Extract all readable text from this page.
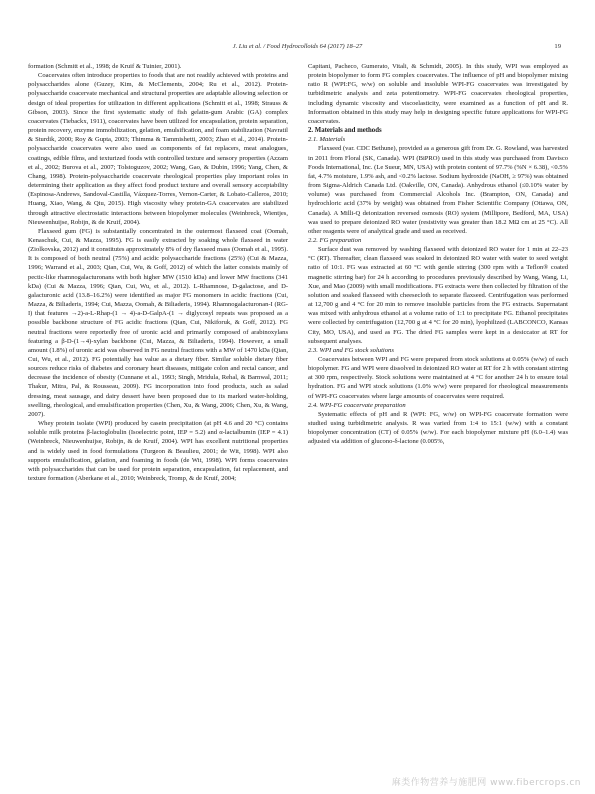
J. Liu et al. / Food Hydrocolloids 64 (2017) 18–27	19

formation (Schmitt et al., 1998; de Kruif & Tuinier, 2001).

Coacervates often introduce properties to foods that are not readily achieved with proteins and polysaccharides alone (Guzey, Kim, & McClements, 2004; Ru et al., 2012). Protein-polysaccharide coacervate mechanical and structural properties are adaptable allowing selection or design of ideal properties for utilization in different applications (Schmitt et al., 1998; Strauss & Gibson, 2003). Since the first systematic study of fish gelatin-gum Arabic (GA) complex coacervates (Tiebackx, 1911), coacervates have been utilized for encapsulation, protein separation, protein recovery, enzyme immobilization, gelation, emulsification, and foam stabilization (Navratil & Sturdik, 2000; Roy & Gupta, 2003; Thimma & Tammishetti, 2003; Zhao et al., 2014). Protein-polysaccharide coacervates were also used as components of fat replacers, meat analogues, coatings, edible films, and texturized foods with controlled texture and sensory properties (Azzam et al., 2002; Burova et al., 2007; Tolstoguzov, 2002; Wang, Gao, & Dubin, 1996; Yang, Chen, & Chang, 1998). Protein-polysaccharide coacervate rheological properties play important roles in determining their application as they affect food product texture and overall sensory acceptability (Espinosa-Andrews, Sandoval-Castilla, Vázquez-Torres, Vernon-Carter, & Lobato-Calleros, 2010; Huang, Xiao, Wang, & Qiu, 2015). High viscosity whey protein-GA coacervates are stabilized through attractive electrostatic interactions between biopolymer molecules (Weinbreck, Wientjes, Nieuwenhuijse, Robijn, & de Kruif, 2004).

Flaxseed gum (FG) is substantially concentrated in the outermost flaxseed coat (Oomah, Kenaschuk, Cui, & Mazza, 1995). FG is easily extracted by soaking whole flaxseed in water (Ziolkovska, 2012) and it constitutes approximately 8% of dry flaxseed mass (Oomah et al., 1995). It is composed of both neutral (75%) and acidic polysaccharide fractions (25%) (Cui & Mazza, 1996; Warrand et al., 2003; Qian, Cui, Wu, & Goff, 2012) of which the latter consists mainly of pectic-like rhamnogalacturonans with both higher MW (1510 kDa) and lower MW fractions (341 kDa) (Cui & Mazza, 1996; Qian, Cui, Wu, et al., 2012). L-Rhamnose, D-galactose, and D-galacturonic acid (13.8–16.2%) were identified as major FG monomers in acidic fractions (Cui, Mazza, & Biliaderis, 1994; Cui, Mazza, Oomah, & Biliaderis, 1994). Rhamnogalacturonan-I (RG-I) that features →2)-a-L-Rhap-(1 → 4)-a-D-GalpA-(1 → diglycosyl repeats was proposed as a possible backbone structure of FG acidic fractions (Qian, Cui, Nikiforuk, & Goff, 2012). FG neutral fractions were reportedly free of uronic acid and primarily composed of arabinoxylans featuring a β-D-(1→4)-xylan backbone (Cui, Mazza, & Biliaderis, 1994). However, a small amount (1.8%) of uronic acid was observed in FG neutral fractions with a MW of 1470 kDa (Qian, Cui, Wu, et al., 2012). FG potentially has value as a dietary fiber. Similar soluble dietary fiber sources reduce risks of diabetes and coronary heart diseases, mitigate colon and rectal cancer, and decrease the incidence of obesity (Cunnane et al., 1993; Singh, Mridula, Rehal, & Barnwal, 2011; Thakur, Mitra, Pal, & Rousseau, 2009). FG incorporation into food products, such as salad dressing, meat sausage, and dairy dessert have been proposed due to its marked water-holding, swelling, rheological, and emulsification properties (Chen, Xu, & Wang, 2006; Chen, Xu, & Wang, 2007).

Whey protein isolate (WPI) produced by casein precipitation (at pH 4.6 and 20 °C) contains soluble milk proteins β-lactoglobulin (Isoelectric point, IEP = 5.2) and α-lactalbumin (IEP = 4.1) (Weinbreck, Nieuwenhuijse, Robijn, & de Kruif, 2004). WPI has excellent nutritional properties and is widely used in food formulations (Turgeon & Beaulieu, 2001; de Wit, 1998). WPI also supports emulsification, gelation, and foaming in foods (de Wit, 1998). WPI forms coacervates with polysaccharides that can be used for protein separation, encapsulation, fat replacement, and texture formation (Aberkane et al., 2010; Weinbreck, Tromp, & de Kruif, 2004;

Capitani, Pacheco, Gumerato, Vitali, & Schmidt, 2005). In this study, WPI was employed as protein biopolymer to form FG complex coacervates. The influence of pH and biopolymer mixing ratio R (WPI:FG, w/w) on soluble and insoluble WPI-FG coacervates was investigated by turbidimetric analysis and zeta potentiometry. WPI-FG coacervates rheological properties, including dynamic viscosity and viscoelasticity, were examined as a function of pH and R. Information obtained in this study may help in designing specific future applications for WPI-FG coacervates.

2. Materials and methods

2.1. Materials

Flaxseed (var. CDC Bethune), provided as a generous gift from Dr. G. Rowland, was harvested in 2011 from Floral (SK, Canada). WPI (BiPRO) used in this study was purchased from Davisco Foods International, Inc. (Le Sueur, MN, USA) with protein content of 97.7% (%N × 6.38), <0.5% fat, 4.7% moisture, 1.9% ash, and <0.2% lactose. Sodium hydroxide (NaOH, ≥ 97%) was obtained from Sigma-Aldrich Canada Ltd. (Oakville, ON, Canada). Anhydrous ethanol (≤0.10% water by volume) was purchased from Commercial Alcohols Inc. (Brampton, ON, Canada) and hydrochloric acid (37% by weight) was obtained from Fisher Scientific Company (Ottawa, ON, Canada). A Milli-Q deionization reversed osmosis (RO) system (Millipore, Bedford, MA, USA) was used to prepare deionized RO water (resistivity was greater than 18.2 MΩ cm at 25 °C). All other reagents were of analytical grade and used as received.

2.2. FG preparation

Surface dust was removed by washing flaxseed with deionized RO water for 1 min at 22–23 °C (RT). Thereafter, clean flaxseed was soaked in deionized RO water with water to seed weight ratio of 10:1. FG was extracted at 60 °C with gentle stirring (300 rpm with a Teflon® coated magnetic stirring bar) for 24 h according to procedures previously described by Wang, Wang, Li, Xue, and Mao (2009) with small modifications. FG extracts were then collected by filtration of the solution and soaked flaxseed with cheesecloth to separate flaxseed. Centrifugation was performed at 12,700 g and 4 °C for 20 min to remove insoluble particles from the FG extracts. Supernatant was mixed with anhydrous ethanol at a volume ratio of 1:1 to precipitate FG. Ethanol precipitates were collected by centrifugation (12,700 g at 4 °C for 20 min), lyophilized (LABCONCO, Kansas City, MO, USA), and used as FG. The dried FG samples were kept in a desiccator at RT for subsequent analyses.

2.3. WPI and FG stock solutions

Coacervates between WPI and FG were prepared from stock solutions at 0.05% (w/w) of each biopolymer. FG and WPI were dissolved in deionized RO water at RT for 2 h with constant stirring at 300 rpm, respectively. Stock solutions were maintained at 4 °C for another 24 h to ensure total hydration. FG and WPI stock solutions (1.0% w/w) were prepared for rheological measurements of WPI-FG coacervates where large amounts of coacervates were required.

2.4. WPI-FG coacervate preparation

Systematic effects of pH and R (WPI: FG, w/w) on WPI-FG coacervate formation were studied using turbidimetric analysis. R was varied from 1:4 to 15:1 (w/w) with a constant biopolymer concentration (CT) of 0.05% (w/w). For each biopolymer mixture pH (6.0–1.4) was adjusted via addition of glucono-δ-lactone (0.005%,

麻类作物营养与施肥网 www.fibercrops.cn
